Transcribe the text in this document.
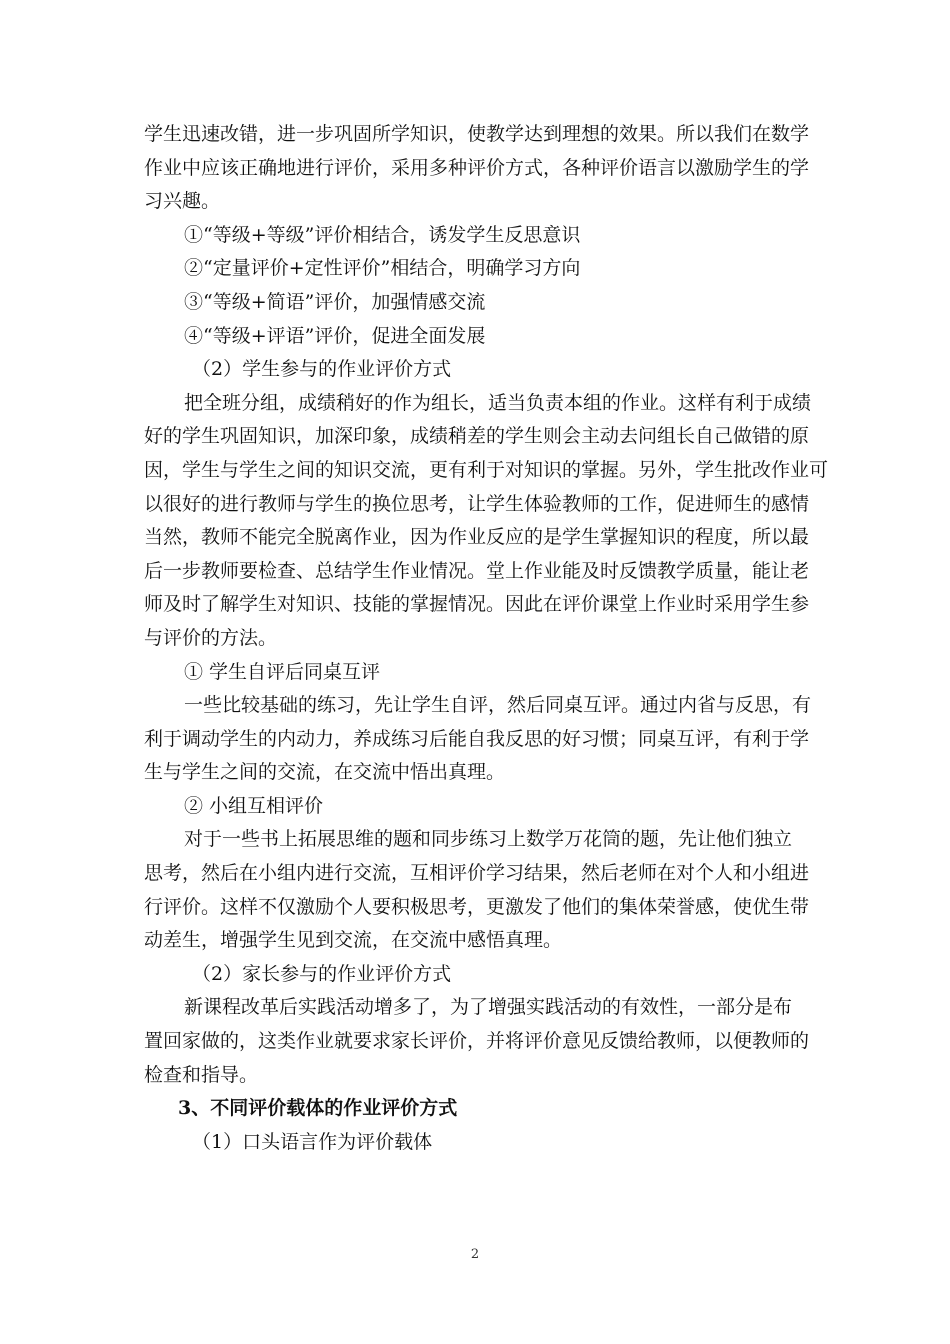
学生迅速改错，进一步巩固所学知识，使教学达到理想的效果。所以我们在数学
作业中应该正确地进行评价，采用多种评价方式，各种评价语言以激励学生的学
习兴趣。
①“等级+等级”评价相结合，诱发学生反思意识
②“定量评价+定性评价”相结合，明确学习方向
③“等级+简语”评价，加强情感交流
④“等级+评语”评价，促进全面发展
（2）学生参与的作业评价方式
把全班分组，成绩稍好的作为组长，适当负责本组的作业。这样有利于成绩
好的学生巩固知识，加深印象，成绩稍差的学生则会主动去问组长自己做错的原
因，学生与学生之间的知识交流，更有利于对知识的掌握。另外，学生批改作业可
以很好的进行教师与学生的换位思考，让学生体验教师的工作，促进师生的感情
当然，教师不能完全脱离作业，因为作业反应的是学生掌握知识的程度，所以最
后一步教师要检查、总结学生作业情况。堂上作业能及时反馈教学质量，能让老
师及时了解学生对知识、技能的掌握情况。因此在评价课堂上作业时采用学生参
与评价的方法。
① 学生自评后同桌互评
一些比较基础的练习，先让学生自评，然后同桌互评。通过内省与反思，有
利于调动学生的内动力，养成练习后能自我反思的好习惯；同桌互评，有利于学
生与学生之间的交流，在交流中悟出真理。
② 小组互相评价
对于一些书上拓展思维的题和同步练习上数学万花筒的题，先让他们独立
思考，然后在小组内进行交流，互相评价学习结果，然后老师在对个人和小组进
行评价。这样不仅激励个人要积极思考，更激发了他们的集体荣誉感，使优生带
动差生，增强学生见到交流，在交流中感悟真理。
（2）家长参与的作业评价方式
新课程改革后实践活动增多了，为了增强实践活动的有效性，一部分是布
置回家做的，这类作业就要求家长评价，并将评价意见反馈给教师，以便教师的
检查和指导。
3、不同评价载体的作业评价方式
（1）口头语言作为评价载体
2
